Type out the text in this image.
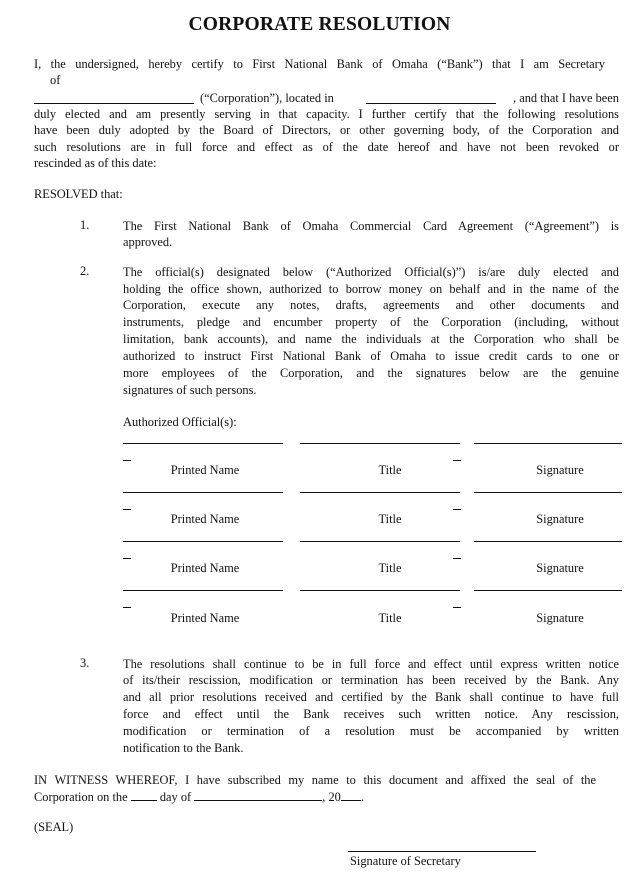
CORPORATE RESOLUTION
I, the undersigned, hereby certify to First National Bank of Omaha (“Bank”) that I am Secretary
of
(“Corporation”), located in	, and that I have been
duly elected and am presently serving in that capacity. I further certify that the following resolutions
have been duly adopted by the Board of Directors, or other governing body, of the Corporation and
such resolutions are in full force and effect as of the date hereof and have not been revoked or
rescinded as of this date:
RESOLVED that:
1.	The First National Bank of Omaha Commercial Card Agreement (“Agreement”) is
approved.
2.	The official(s) designated below (“Authorized Official(s)”) is/are duly elected and
holding the office shown, authorized to borrow money on behalf and in the name of the
Corporation, execute any notes, drafts, agreements and other documents and
instruments, pledge and encumber property of the Corporation (including, without
limitation, bank accounts), and name the individuals at the Corporation who shall be
authorized to instruct First National Bank of Omaha to issue credit cards to one or
more employees of the Corporation, and the signatures below are the genuine
signatures of such persons.
Authorized Official(s):
Printed Name	Title	Signature
Printed Name	Title	Signature
Printed Name	Title	Signature
Printed Name	Title	Signature
3.	The resolutions shall continue to be in full force and effect until express written notice
of its/their rescission, modification or termination has been received by the Bank. Any
and all prior resolutions received and certified by the Bank shall continue to have full
force and effect until the Bank receives such written notice. Any rescission,
modification or termination of a resolution must be accompanied by written
notification to the Bank.
IN WITNESS WHEREOF, I have subscribed my name to this document and affixed the seal of the
Corporation on the	day of	, 20 .
(SEAL)
Signature of Secretary
